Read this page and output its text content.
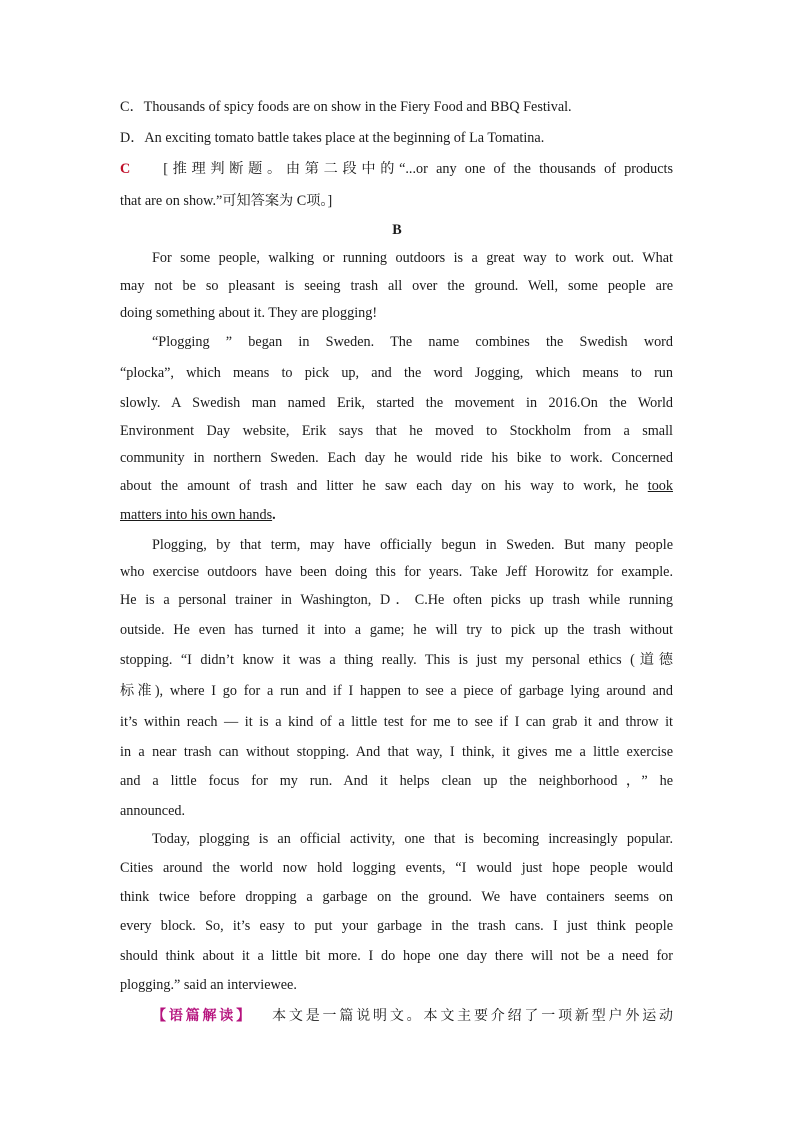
C．Thousands of spicy foods are on show in the Fiery Food and BBQ Festival.
D．An exciting tomato battle takes place at the beginning of La Tomatina.
C [推理判断题。由第二段中的“...or any one of the thousands of products
that are on show.”可知答案为 C项。]
B
For some people, walking or running outdoors is a great way to work out. What
may not be so pleasant is seeing trash all over the ground. Well, some people are
doing something about it. They are plogging!
“Plogging ” began in Sweden. The name combines the Swedish word
“plocka”, which means to pick up, and the word Jogging, which means to run
slowly. A Swedish man named Erik, started the movement in 2016.On the World
Environment Day website, Erik says that he moved to Stockholm from a small
community in northern Sweden. Each day he would ride his bike to work. Concerned
about the amount of trash and litter he saw each day on his way to work, he took
matters into his own hands.
Plogging, by that term, may have officially begun in Sweden. But many people
who exercise outdoors have been doing this for years. Take Jeff Horowitz for example.
He is a personal trainer in Washington, D．C.He often picks up trash while running
outside. He even has turned it into a game; he will try to pick up the trash without
stopping. “I didn’t know it was a thing really. This is just my personal ethics (道德
标准), where I go for a run and if I happen to see a piece of garbage lying around and
it’s within reach — it is a kind of a little test for me to see if I can grab it and throw it
in a near trash can without stopping. And that way, I think, it gives me a little exercise
and a little focus for my run. And it helps clean up the neighborhood，” he
announced.
Today, plogging is an official activity, one that is becoming increasingly popular.
Cities around the world now hold logging events, “I would just hope people would
think twice before dropping a garbage on the ground. We have containers seems on
every block. So, it’s easy to put your garbage in the trash cans. I just think people
should think about it a little bit more. I do hope one day there will not be a need for
plogging.” said an interviewee.
【语篇解读】 本文是一篇说明文。本文主要介绍了一项新型户外运动
